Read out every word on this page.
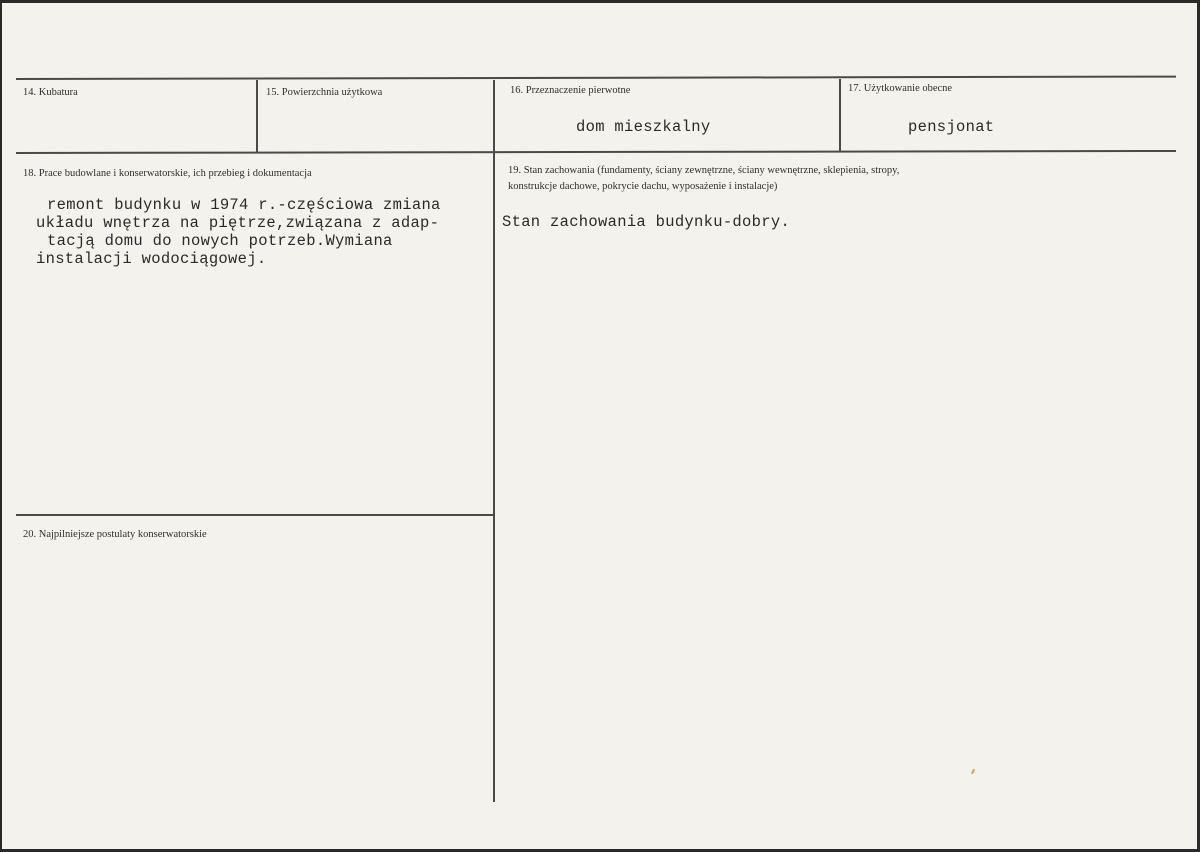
14. Kubatura	15. Powierzchnia użytkowa	16. Przeznaczenie pierwotne
dom mieszkalny
17. Użytkowanie obecne
pensjonat
18. Prace budowlane i konserwatorskie, ich przebieg i dokumentacja
remont budynku w 1974 r.-częściowa zmiana
układu wnętrza na piętrze,związana z adap-
tacją domu do nowych potrzeb.Wymiana
instalacji wodociągowej.
19. Stan zachowania (fundamenty, ściany zewnętrzne, ściany wewnętrzne, sklepienia, stropy,
konstrukcje dachowe, pokrycie dachu, wyposażenie i instalacje)
Stan zachowania budynku-dobry.
20. Najpilniejsze postulaty konserwatorskie
